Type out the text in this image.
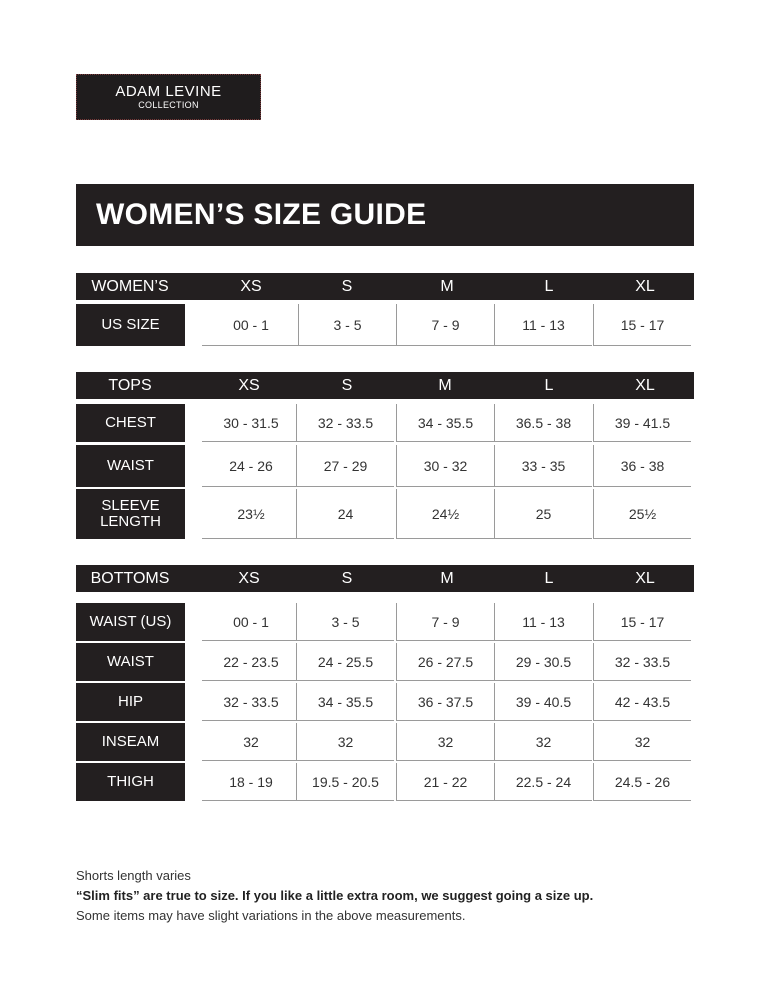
ADAM LEVINE
COLLECTION
WOMEN’S SIZE GUIDE
WOMEN’S	XS	S	M	L	XL
US SIZE	00 - 1	3 - 5	7 - 9	11 - 13	15 - 17
TOPS	XS	S	M	L	XL
CHEST	30 - 31.5	32 - 33.5	34 - 35.5	36.5 - 38	39 - 41.5
WAIST	24 - 26	27 - 29	30 - 32	33 - 35	36 - 38
SLEEVE LENGTH	23½	24	24½	25	25½
BOTTOMS	XS	S	M	L	XL
WAIST (US)	00 - 1	3 - 5	7 - 9	11 - 13	15 - 17
WAIST	22 - 23.5	24 - 25.5	26 - 27.5	29 - 30.5	32 - 33.5
HIP	32 - 33.5	34 - 35.5	36 - 37.5	39 - 40.5	42 - 43.5
INSEAM	32	32	32	32	32
THIGH	18 - 19	19.5 - 20.5	21 - 22	22.5 - 24	24.5 - 26
Shorts length varies
“Slim fits” are true to size. If you like a little extra room, we suggest going a size up.
Some items may have slight variations in the above measurements.
